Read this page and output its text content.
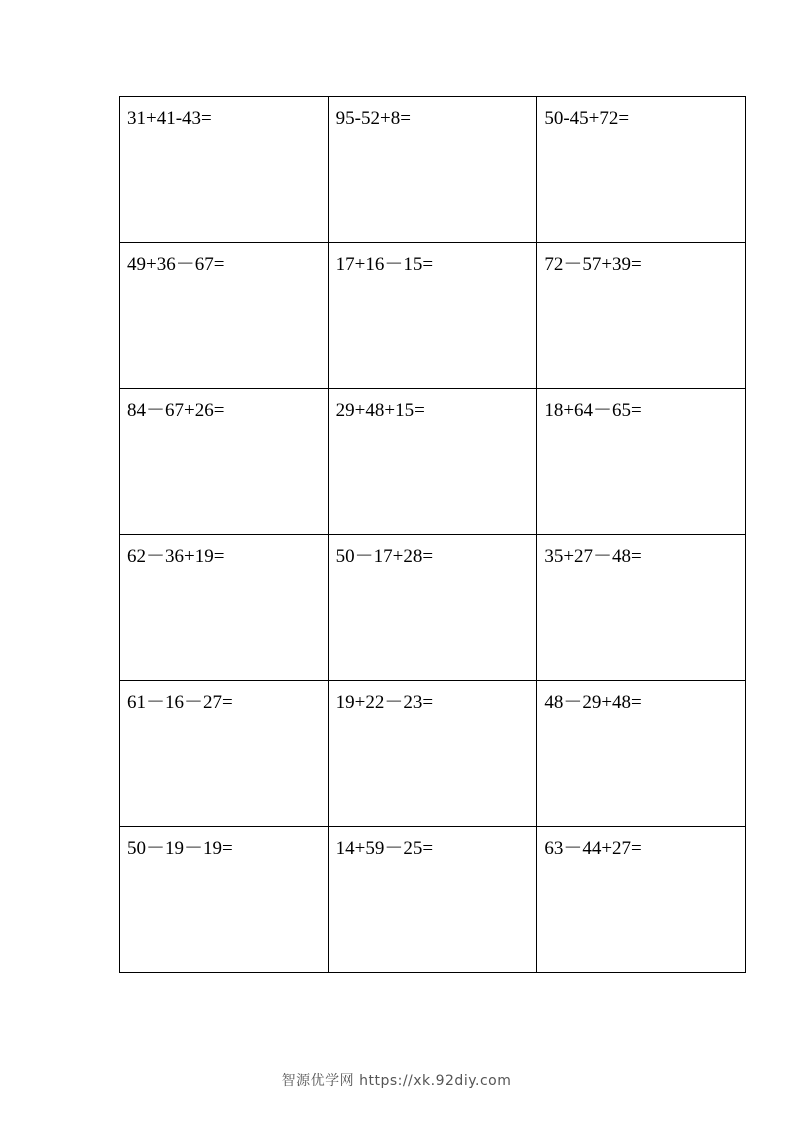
31+41-43=	95-52+8=	50-45+72=

49+36－67=	17+16－15=	72－57+39=

84－67+26=	29+48+15=	18+64－65=

62－36+19=	50－17+28=	35+27－48=

61－16－27=	19+22－23=	48－29+48=

50－19－19=	14+59－25=	63－44+27=
智源优学网 https://xk.92diy.com
